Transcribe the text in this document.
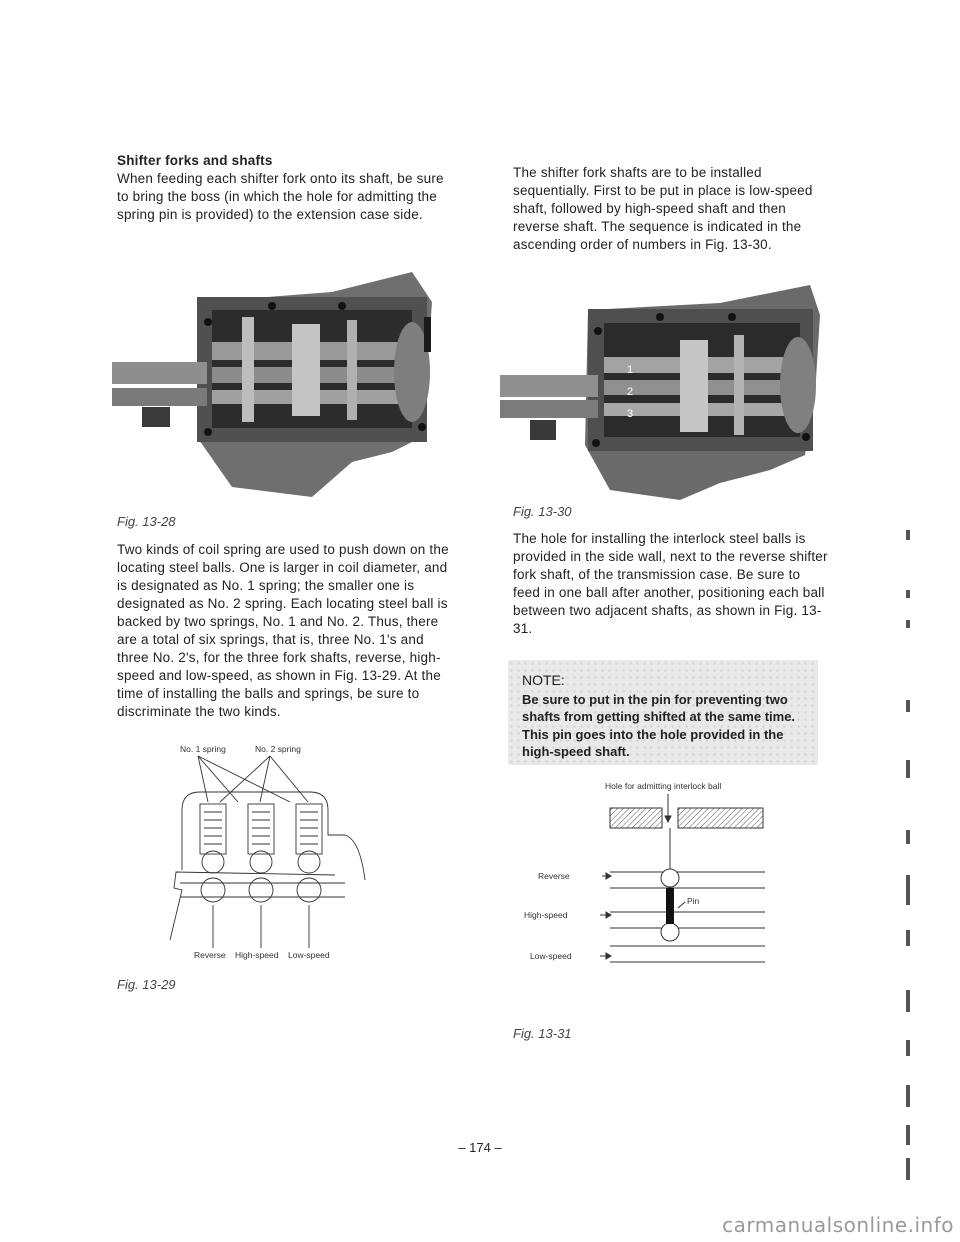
Shifter forks and shafts

When feeding each shifter fork onto its shaft, be sure to bring the boss (in which the hole for admitting the spring pin is provided) to the extension case side.

Fig. 13-28

Two kinds of coil spring are used to push down on the locating steel balls. One is larger in coil diameter, and is designated as No. 1 spring; the smaller one is designated as No. 2 spring. Each locating steel ball is backed by two springs, No. 1 and No. 2. Thus, there are a total of six springs, that is, three No. 1's and three No. 2's, for the three fork shafts, reverse, high-speed and low-speed, as shown in Fig. 13-29. At the time of installing the balls and springs, be sure to discriminate the two kinds.

No. 1 spring	No. 2 spring
Reverse High-speed Low-speed
Fig. 13-29

The shifter fork shafts are to be installed sequentially. First to be put in place is low-speed shaft, followed by high-speed shaft and then reverse shaft. The sequence is indicated in the ascending order of numbers in Fig. 13-30.

1
2
3
Fig. 13-30

The hole for installing the interlock steel balls is provided in the side wall, next to the reverse shifter fork shaft, of the transmission case. Be sure to feed in one ball after another, positioning each ball between two adjacent shafts, as shown in Fig. 13-31.

NOTE:
Be sure to put in the pin for preventing two shafts from getting shifted at the same time. This pin goes into the hole provided in the high-speed shaft.
Hole for admitting interlock ball
Reverse
High-speed
Low-speed
Pin
Fig. 13-31
– 174 –
carmanualsonline.info
